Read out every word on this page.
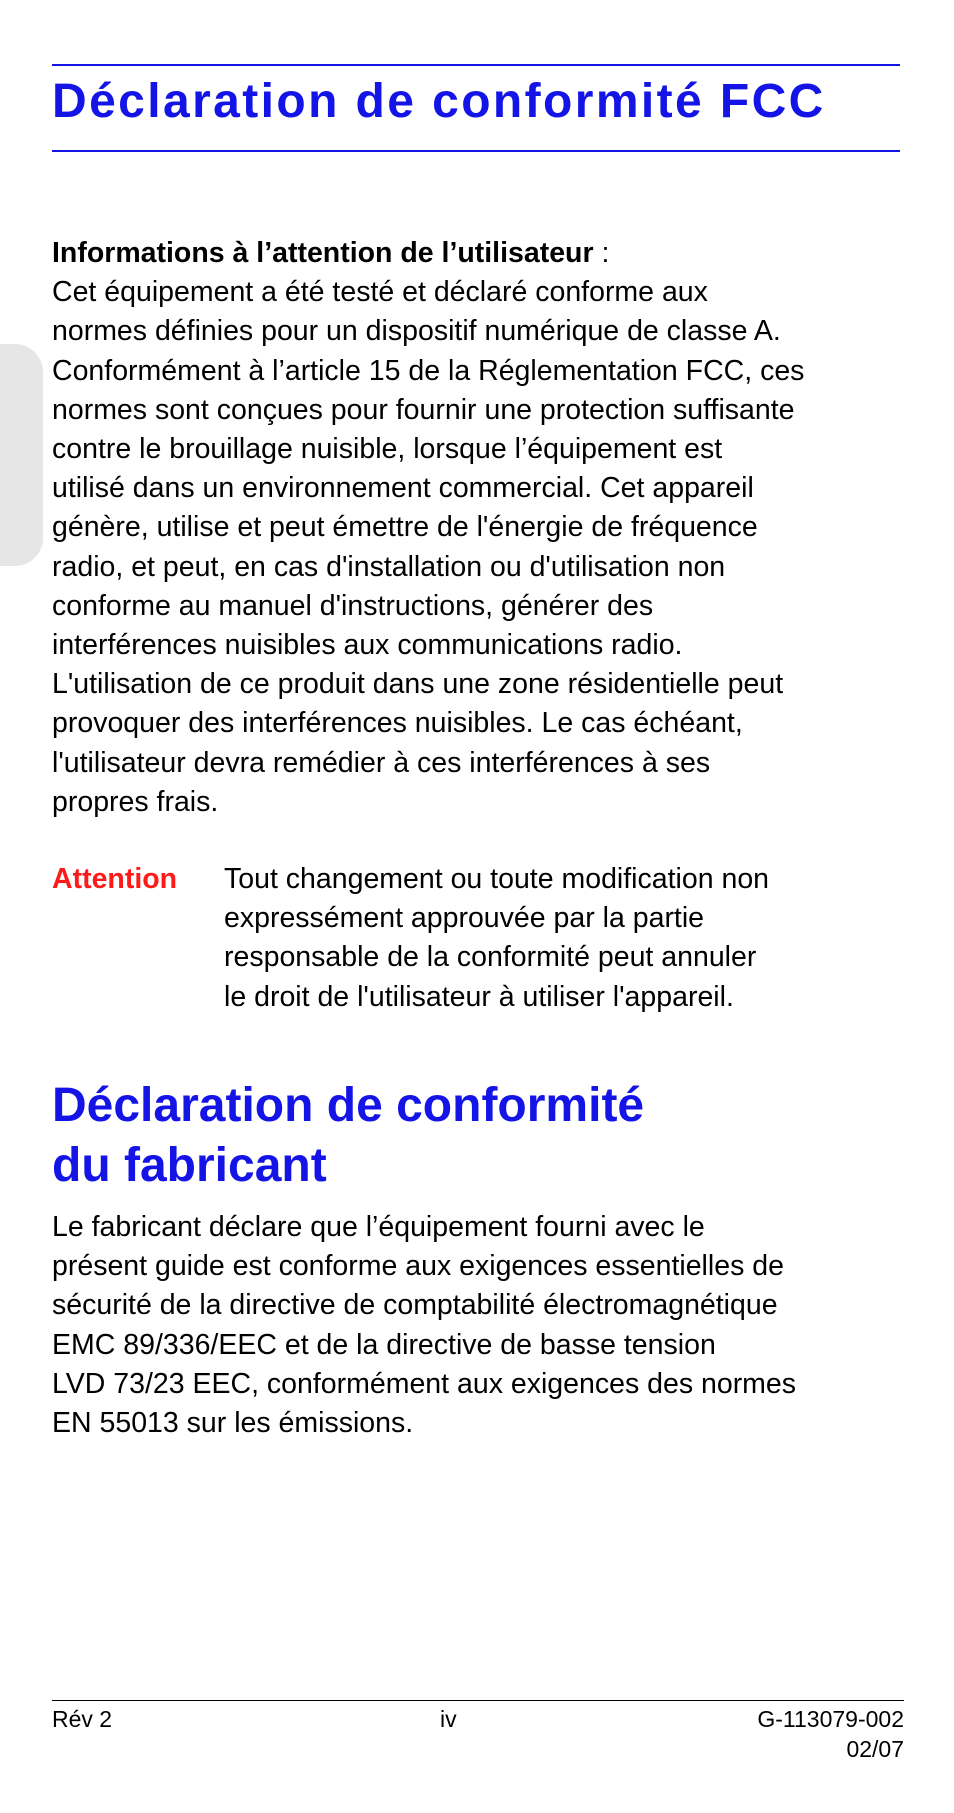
Déclaration de conformité FCC
Informations à l’attention de l’utilisateur :
Cet équipement a été testé et déclaré conforme aux
normes définies pour un dispositif numérique de classe A.
Conformément à l’article 15 de la Réglementation FCC, ces
normes sont conçues pour fournir une protection suffisante
contre le brouillage nuisible, lorsque l’équipement est
utilisé dans un environnement commercial. Cet appareil
génère, utilise et peut émettre de l'énergie de fréquence
radio, et peut, en cas d'installation ou d'utilisation non
conforme au manuel d'instructions, générer des
interférences nuisibles aux communications radio.
L'utilisation de ce produit dans une zone résidentielle peut
provoquer des interférences nuisibles. Le cas échéant,
l'utilisateur devra remédier à ces interférences à ses
propres frais.
Attention Tout changement ou toute modification non
expressément approuvée par la partie
responsable de la conformité peut annuler
le droit de l'utilisateur à utiliser l'appareil.
Déclaration de conformité
du fabricant
Le fabricant déclare que l’équipement fourni avec le
présent guide est conforme aux exigences essentielles de
sécurité de la directive de comptabilité électromagnétique
EMC 89/336/EEC et de la directive de basse tension
LVD 73/23 EEC, conformément aux exigences des normes
EN 55013 sur les émissions.
Rév 2	iv	G-113079-002
02/07
